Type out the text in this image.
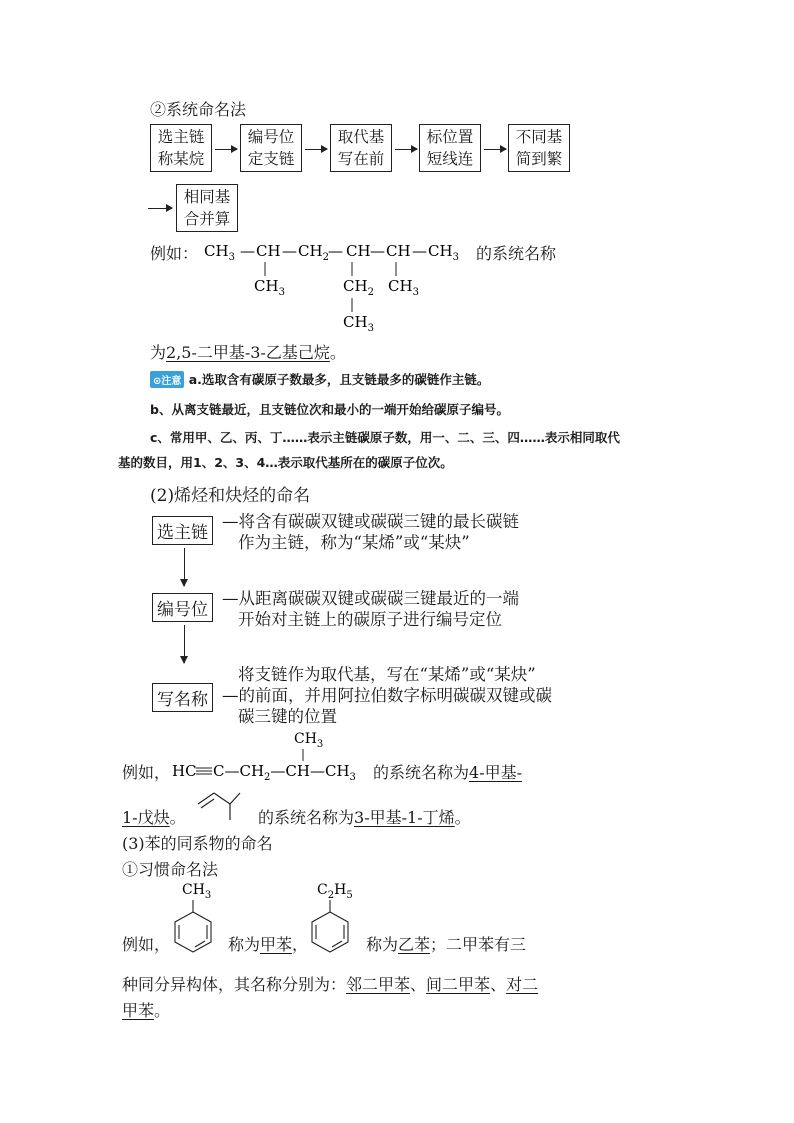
②系统命名法
选主链
称某烷
编号位
定支链
取代基
写在前
标位置
短线连
不同基
简到繁
相同基
合并算
例如： $CH_3$ — CH — $CH_2$ — CH — CH — $CH_3$
$CH_3$	$CH_2$
$CH_3$
$CH_3$
的系统名称
为2,5-二甲基-3-乙基己烷。
⊙注意 a.选取含有碳原子数最多，且支链最多的碳链作主链。
b、从离支链最近，且支链位次和最小的一端开始给碳原子编号。
c、常用甲、乙、丙、丁……表示主链碳原子数，用一、二、三、四……表示相同取代
基的数目，用1、2、3、4…表示取代基所在的碳原子位次。
(2)烯烃和炔烃的命名
选主链
—将含有碳碳双键或碳碳三键的最长碳链
作为主链，称为“某烯”或“某炔”
编号位
—从距离碳碳双键或碳碳三键最近的一端
开始对主链上的碳原子进行编号定位
写名称
将支链作为取代基，写在“某烯”或“某炔”
—的前面，并用阿拉伯数字标明碳碳双键或碳
碳三键的位置
例如，
$CH_3$
HC $C—CH_2—CH—CH_3$ 的系统名称为4-甲基-
1-戊炔。	的系统名称为3-甲基-1-丁烯。
(3)苯的同系物的命名
①习惯命名法
$CH_3$	$C_2H_5$
例如，	称为甲苯，	称为乙苯；二甲苯有三
种同分异构体，其名称分别为：邻二甲苯、间二甲苯、对二
甲苯。
